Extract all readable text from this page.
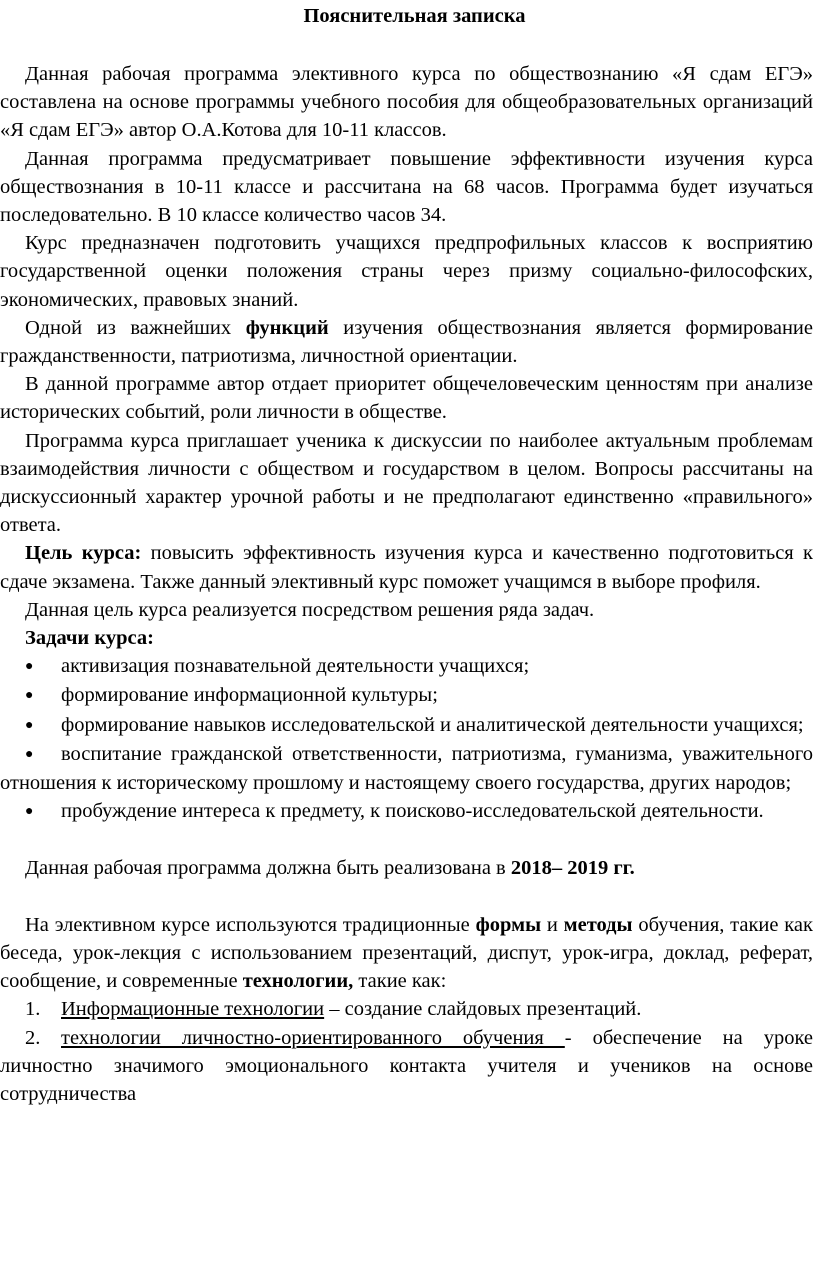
Пояснительная записка

Данная рабочая программа элективного курса по обществознанию «Я сдам ЕГЭ» составлена на основе программы учебного пособия для общеобразовательных организаций «Я сдам ЕГЭ» автор О.А.Котова для 10-11 классов.

Данная программа предусматривает повышение эффективности изучения курса обществознания в 10-11 классе и рассчитана на 68 часов. Программа будет изучаться последовательно. В 10 классе количество часов 34.

Курс предназначен подготовить учащихся предпрофильных классов к восприятию государственной оценки положения страны через призму социально-философских, экономических, правовых знаний.

Одной из важнейших функций изучения обществознания является формирование гражданственности, патриотизма, личностной ориентации.

В данной программе автор отдает приоритет общечеловеческим ценностям при анализе исторических событий, роли личности в обществе.

Программа курса приглашает ученика к дискуссии по наиболее актуальным проблемам взаимодействия личности с обществом и государством в целом. Вопросы рассчитаны на дискуссионный характер урочной работы и не предполагают единственно «правильного» ответа.

Цель курса: повысить эффективность изучения курса и качественно подготовиться к сдаче экзамена. Также данный элективный курс поможет учащимся в выборе профиля.

Данная цель курса реализуется посредством решения ряда задач.

Задачи курса:

● активизация познавательной деятельности учащихся;
● формирование информационной культуры;
● формирование навыков исследовательской и аналитической деятельности учащихся;
● воспитание гражданской ответственности, патриотизма, гуманизма, уважительного отношения к историческому прошлому и настоящему своего государства, других народов;
● пробуждение интереса к предмету, к поисково-исследовательской деятельности.

Данная рабочая программа должна быть реализована в 2018– 2019 гг.

На элективном курсе используются традиционные формы и методы обучения, такие как беседа, урок-лекция с использованием презентаций, диспут, урок-игра, доклад, реферат, сообщение, и современные технологии, такие как:

1. Информационные технологии – создание слайдовых презентаций.
2. технологии личностно-ориентированного обучения - обеспечение на уроке личностно значимого эмоционального контакта учителя и учеников на основе сотрудничества
